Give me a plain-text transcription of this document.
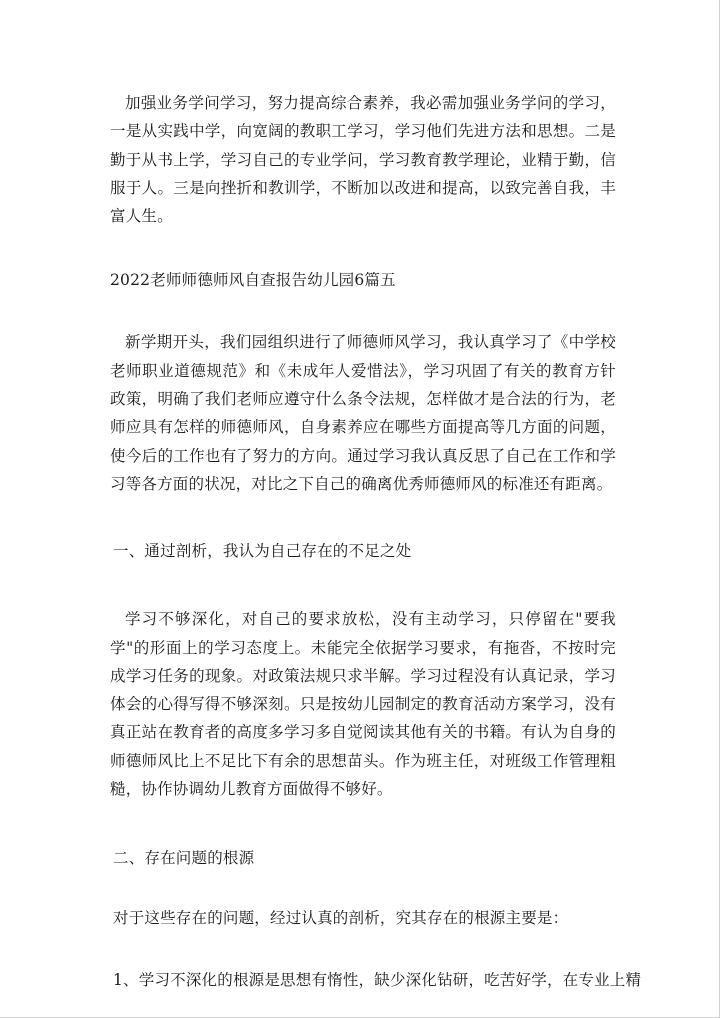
加强业务学问学习，努力提高综合素养，我必需加强业务学问的学习，一是从实践中学，向宽阔的教职工学习，学习他们先进方法和思想。二是勤于从书上学，学习自己的专业学问，学习教育教学理论，业精于勤，信服于人。三是向挫折和教训学，不断加以改进和提高，以致完善自我，丰富人生。

2022老师师德师风自查报告幼儿园6篇五

新学期开头，我们园组织进行了师德师风学习，我认真学习了《中学校老师职业道德规范》和《未成年人爱惜法》，学习巩固了有关的教育方针政策，明确了我们老师应遵守什么条令法规，怎样做才是合法的行为，老师应具有怎样的师德师风，自身素养应在哪些方面提高等几方面的问题，使今后的工作也有了努力的方向。通过学习我认真反思了自己在工作和学习等各方面的状况，对比之下自己的确离优秀师德师风的标准还有距离。

一、通过剖析，我认为自己存在的不足之处

学习不够深化，对自己的要求放松，没有主动学习，只停留在"要我学"的形面上的学习态度上。未能完全依据学习要求，有拖沓，不按时完成学习任务的现象。对政策法规只求半解。学习过程没有认真记录，学习体会的心得写得不够深刻。只是按幼儿园制定的教育活动方案学习，没有真正站在教育者的高度多学习多自觉阅读其他有关的书籍。有认为自身的师德师风比上不足比下有余的思想苗头。作为班主任，对班级工作管理粗糙，协作协调幼儿教育方面做得不够好。

二、存在问题的根源

对于这些存在的问题，经过认真的剖析，究其存在的根源主要是：

1、学习不深化的根源是思想有惰性，缺少深化钻研，吃苦好学，在专业上精
